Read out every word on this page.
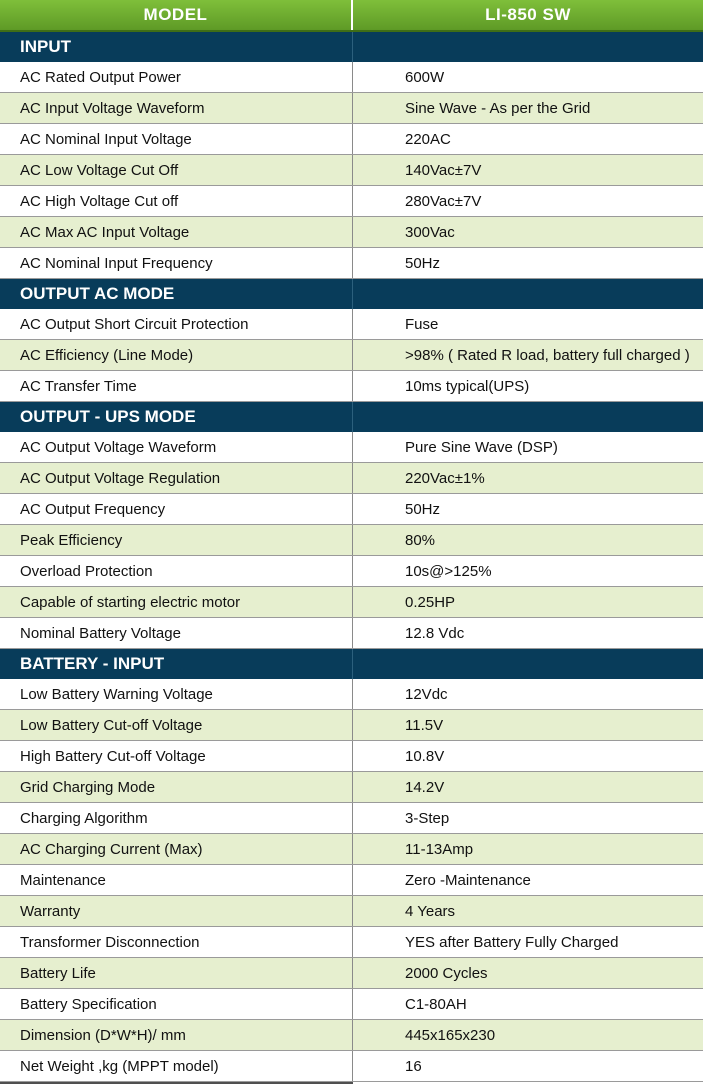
MODEL	LI-850 SW
INPUT
AC Rated Output Power	600W
AC Input Voltage Waveform	Sine Wave - As per the Grid
AC Nominal Input Voltage	220AC
AC Low Voltage Cut Off	140Vac±7V
AC High Voltage Cut off	280Vac±7V
AC Max AC Input Voltage	300Vac
AC Nominal Input Frequency	50Hz
OUTPUT AC MODE
AC Output Short Circuit Protection	Fuse
AC Efficiency (Line Mode)	>98% ( Rated R load, battery full charged )
AC Transfer Time	10ms typical(UPS)
OUTPUT - UPS MODE
AC Output Voltage Waveform	Pure Sine Wave (DSP)
AC Output Voltage Regulation	220Vac±1%
AC Output Frequency	50Hz
Peak Efficiency	80%
Overload Protection	10s@>125%
Capable of starting electric motor	0.25HP
Nominal Battery Voltage	12.8 Vdc
BATTERY - INPUT
Low Battery Warning Voltage	12Vdc
Low Battery Cut-off Voltage	11.5V
High Battery Cut-off Voltage	10.8V
Grid Charging Mode	14.2V
Charging Algorithm	3-Step
AC Charging Current (Max)	11-13Amp
Maintenance	Zero -Maintenance
Warranty	4 Years
Transformer Disconnection	YES after Battery Fully Charged
Battery Life	2000 Cycles
Battery Specification	C1-80AH
Dimension (D*W*H)/ mm	445x165x230
Net Weight ,kg (MPPT model)	16
